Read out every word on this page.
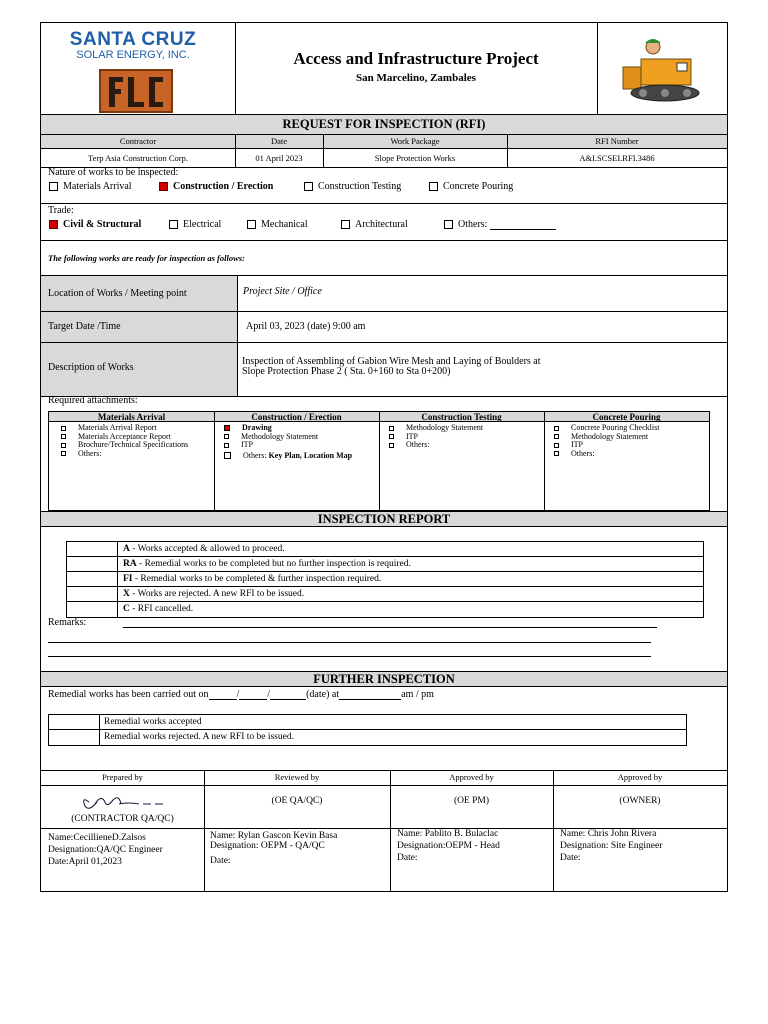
SANTA CRUZ
SOLAR ENERGY, INC.	Access and Infrastructure Project
San Marcelino, Zambales
REQUEST FOR INSPECTION (RFI)
Contractor	Date	Work Package	RFI Number
Terp Asia Construction Corp.	01 April 2023	Slope Protection Works	A&I.SCSEI.RFI.3486
Nature of works to be inspected:
Materials Arrival	Construction / Erection	Construction Testing	Concrete Pouring
Trade:
Civil & Structural	Electrical	Mechanical	Architectural	Others:
The following works are ready for inspection as follows:
Location of Works / Meeting point	Project Site / Office
Target Date /Time	April 03, 2023 (date) 9:00 am
Description of Works
Inspection of Assembling of Gabion Wire Mesh and Laying of Boulders at
Slope Protection Phase 2 ( Sta. 0+160 to Sta 0+200)
Required attachments:
Materials Arrival
Materials Arrival Report
Materials Acceptance Report
Brochure/Technical Specifications
Others:
Construction / Erection
Drawing
Methodology Statement
ITP
Others: Key Plan, Location Map
Construction Testing
Methodology Statement
ITP
Others:
Concrete Pouring
Concrete Pouring Checklist
Methodology Statement
ITP
Others:
INSPECTION REPORT
A - Works accepted & allowed to proceed.
RA - Remedial works to be completed but no further inspection is required.
FI - Remedial works to be completed & further inspection required.
X - Works are rejected. A new RFI to be issued.
C - RFI cancelled.
Remarks:
FURTHER INSPECTION
Remedial works has been carried out on	/	/	(date) at	am / pm
Remedial works accepted
Remedial works rejected. A new RFI to be issued.
Prepared by
(CONTRACTOR QA/QC)
Name:CecillieneD.Zalsos
Designation:QA/QC Engineer
Date:April 01,2023
Reviewed by
(OE QA/QC)
Name: Rylan Gascon Kevin Basa
Designation: OEPM - QA/QC
Date:
Approved by
(OE PM)
Name: Pablito B. Bulaclac
Designation:OEPM - Head
Date:
Approved by
(OWNER)
Name: Chris John Rivera
Designation: Site Engineer
Date:
